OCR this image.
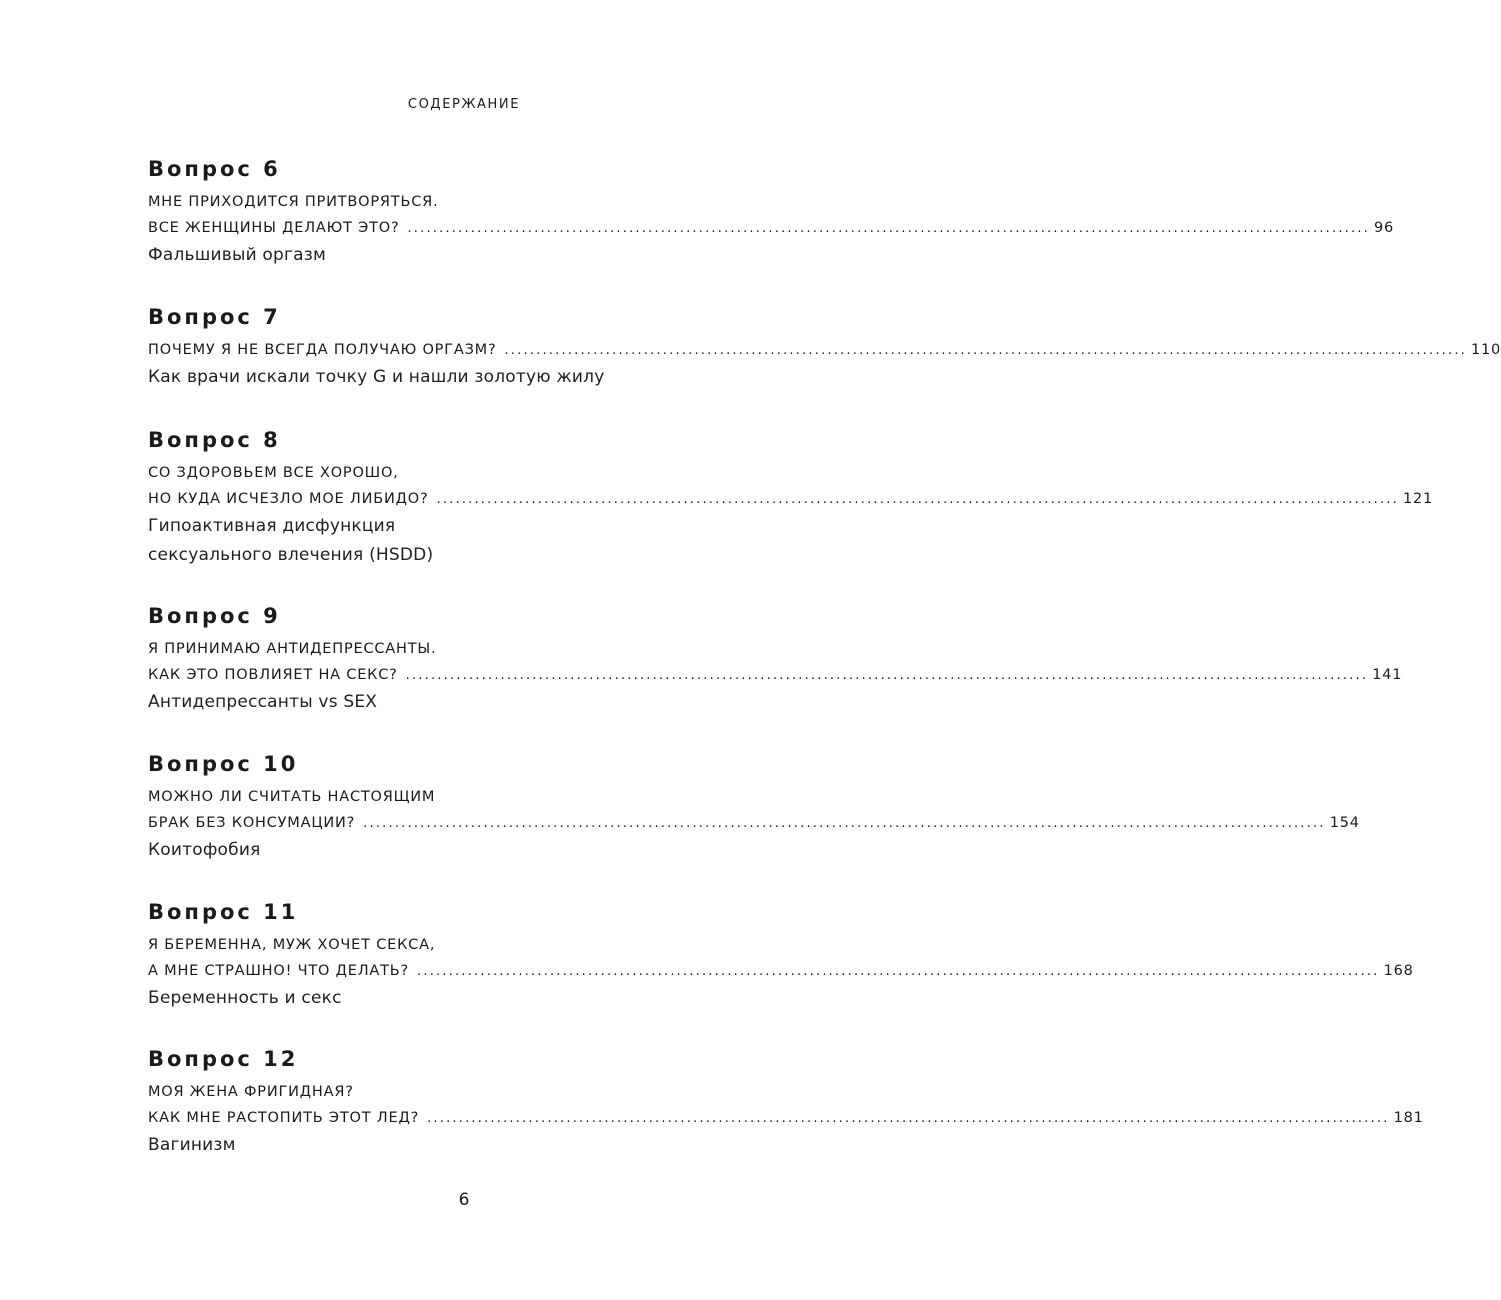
СОДЕРЖАНИЕ
Вопрос 6
МНЕ ПРИХОДИТСЯ ПРИТВОРЯТЬСЯ.
ВСЕ ЖЕНЩИНЫ ДЕЛАЮТ ЭТО? ........................................................................................................................................................ 96
Фальшивый оргазм
Вопрос 7
ПОЧЕМУ Я НЕ ВСЕГДА ПОЛУЧАЮ ОРГАЗМ? ........................................................................................................................................................ 110
Как врачи искали точку G и нашли золотую жилу
Вопрос 8
СО ЗДОРОВЬЕМ ВСЕ ХОРОШО,
НО КУДА ИСЧЕЗЛО МОЕ ЛИБИДО? ........................................................................................................................................................ 121
Гипоактивная дисфункция
сексуального влечения (HSDD)
Вопрос 9
Я ПРИНИМАЮ АНТИДЕПРЕССАНТЫ.
КАК ЭТО ПОВЛИЯЕТ НА СЕКС? ........................................................................................................................................................ 141
Антидепрессанты vs SEX
Вопрос 10
МОЖНО ЛИ СЧИТАТЬ НАСТОЯЩИМ
БРАК БЕЗ КОНСУМАЦИИ? ........................................................................................................................................................ 154
Коитофобия
Вопрос 11
Я БЕРЕМЕННА, МУЖ ХОЧЕТ СЕКСА,
А МНЕ СТРАШНО! ЧТО ДЕЛАТЬ? ........................................................................................................................................................ 168
Беременность и секс
Вопрос 12
МОЯ ЖЕНА ФРИГИДНАЯ?
КАК МНЕ РАСТОПИТЬ ЭТОТ ЛЕД? ........................................................................................................................................................ 181
Вагинизм
6
